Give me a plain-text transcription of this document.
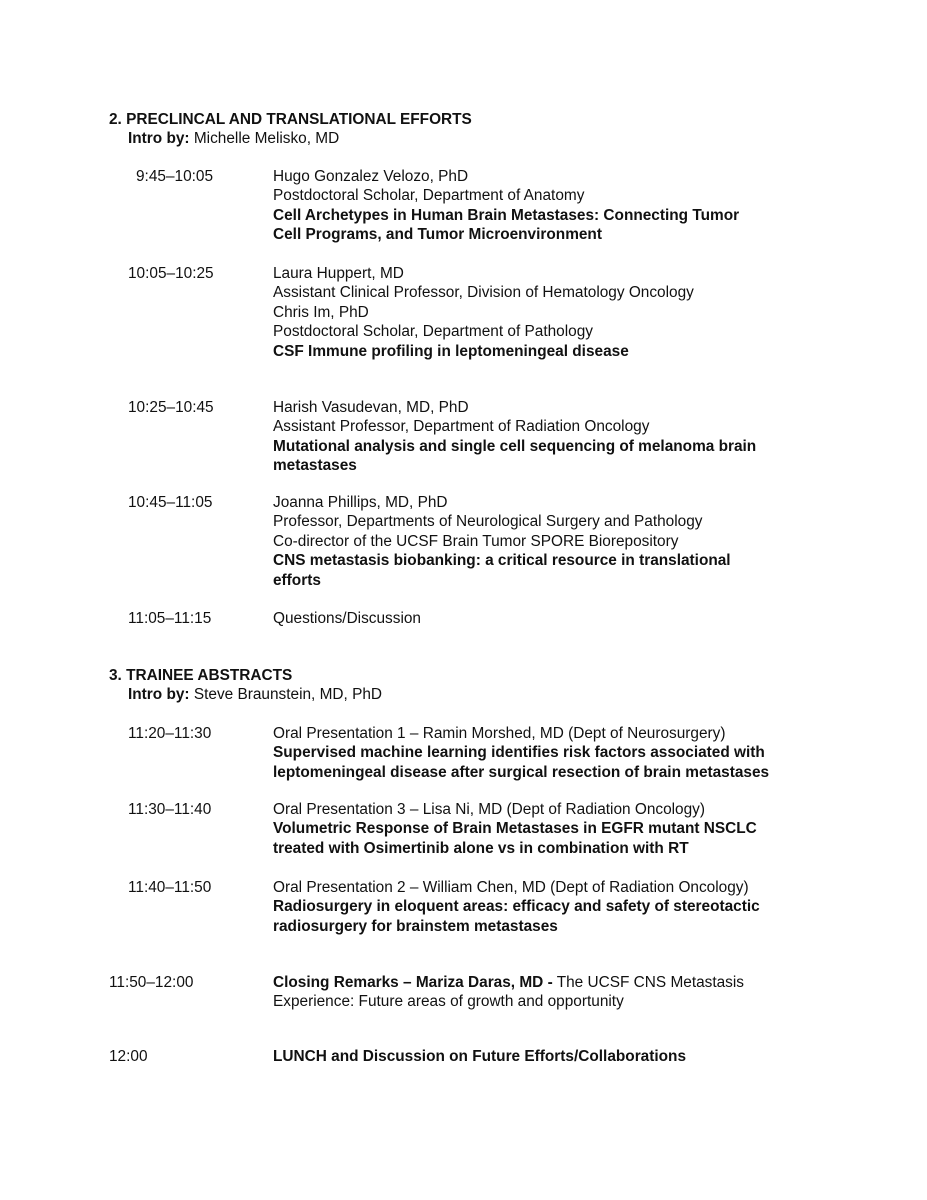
2. PRECLINCAL AND TRANSLATIONAL EFFORTS
Intro by: Michelle Melisko, MD
9:45–10:05	Hugo Gonzalez Velozo, PhD
Postdoctoral Scholar, Department of Anatomy
Cell Archetypes in Human Brain Metastases: Connecting Tumor
Cell Programs, and Tumor Microenvironment
10:05–10:25	Laura Huppert, MD
Assistant Clinical Professor, Division of Hematology Oncology
Chris Im, PhD
Postdoctoral Scholar, Department of Pathology
CSF Immune profiling in leptomeningeal disease
10:25–10:45	Harish Vasudevan, MD, PhD
Assistant Professor, Department of Radiation Oncology
Mutational analysis and single cell sequencing of melanoma brain
metastases
10:45–11:05	Joanna Phillips, MD, PhD
Professor, Departments of Neurological Surgery and Pathology
Co-director of the UCSF Brain Tumor SPORE Biorepository
CNS metastasis biobanking: a critical resource in translational
efforts
11:05–11:15	Questions/Discussion
3. TRAINEE ABSTRACTS
Intro by: Steve Braunstein, MD, PhD
11:20–11:30	Oral Presentation 1 – Ramin Morshed, MD (Dept of Neurosurgery)
Supervised machine learning identifies risk factors associated with
leptomeningeal disease after surgical resection of brain metastases
11:30–11:40	Oral Presentation 3 – Lisa Ni, MD (Dept of Radiation Oncology)
Volumetric Response of Brain Metastases in EGFR mutant NSCLC
treated with Osimertinib alone vs in combination with RT
11:40–11:50	Oral Presentation 2 – William Chen, MD (Dept of Radiation Oncology)
Radiosurgery in eloquent areas: efficacy and safety of stereotactic
radiosurgery for brainstem metastases
11:50–12:00	Closing Remarks – Mariza Daras, MD - The UCSF CNS Metastasis
Experience: Future areas of growth and opportunity
12:00	LUNCH and Discussion on Future Efforts/Collaborations
